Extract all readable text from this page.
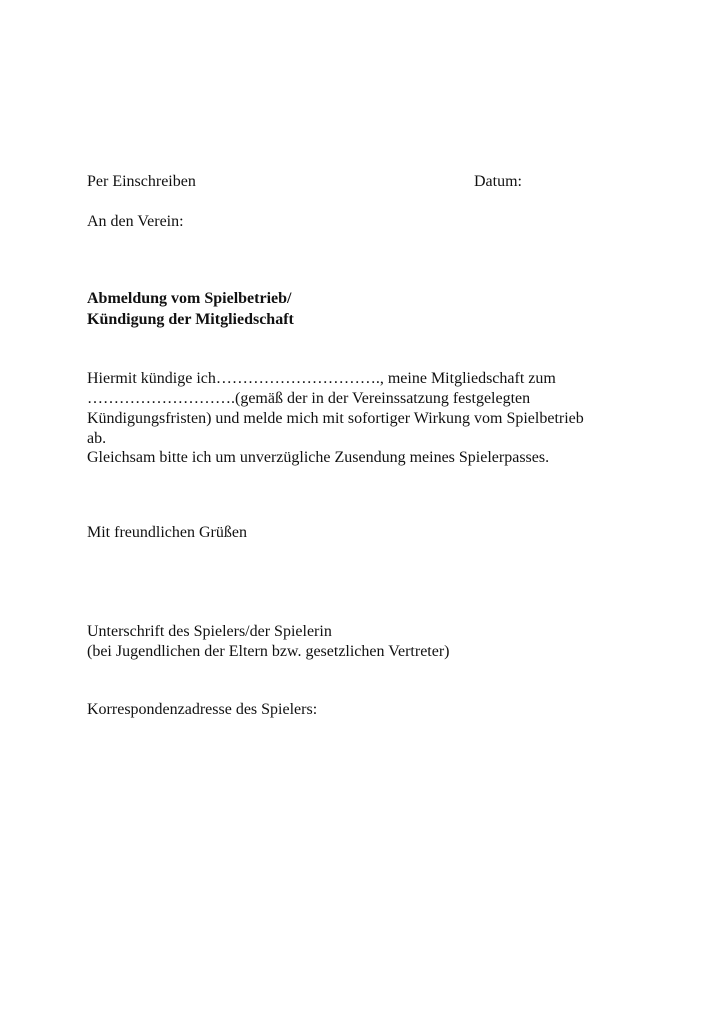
Per Einschreiben	Datum:
An den Verein:
Abmeldung vom Spielbetrieb/
Kündigung der Mitgliedschaft
Hiermit kündige ich…………………………., meine Mitgliedschaft zum
……………………….(gemäß der in der Vereinssatzung festgelegten
Kündigungsfristen) und melde mich mit sofortiger Wirkung vom Spielbetrieb
ab.
Gleichsam bitte ich um unverzügliche Zusendung meines Spielerpasses.
Mit freundlichen Grüßen
Unterschrift des Spielers/der Spielerin
(bei Jugendlichen der Eltern bzw. gesetzlichen Vertreter)
Korrespondenzadresse des Spielers:
